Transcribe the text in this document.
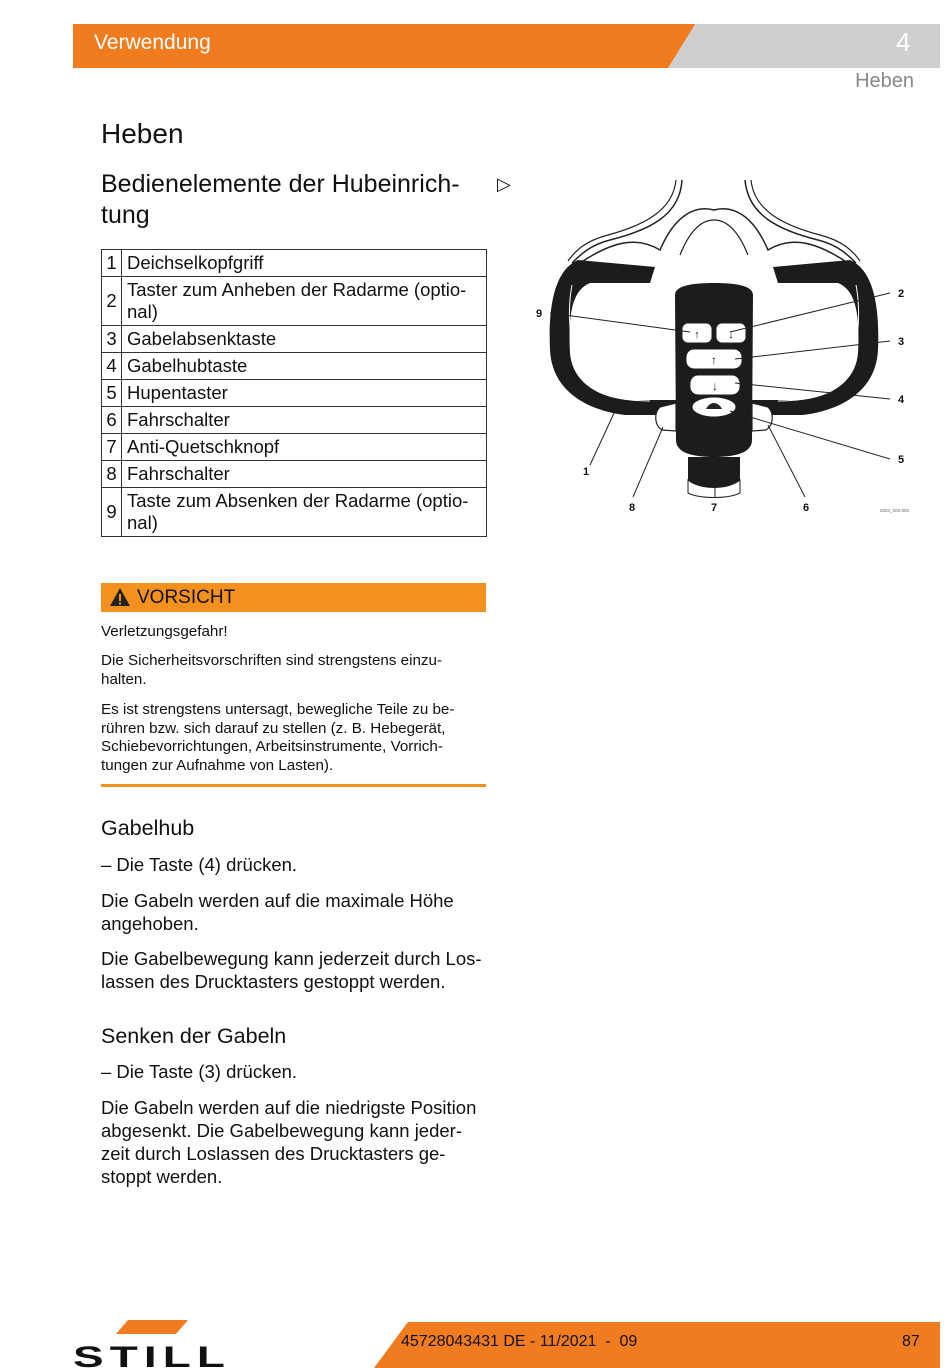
Verwendung	4
Heben
Heben
Bedienelemente der Hubeinrich-
tung
▷
1	Deichselkopfgriff
2	Taster zum Anheben der Radarme (optio-
nal)
3	Gabelabsenktaste
4	Gabelhubtaste
5	Hupentaster
6	Fahrschalter
7	Anti-Quetschknopf
8	Fahrschalter
9	Taste zum Absenken der Radarme (optio-
nal)
VORSICHT

Verletzungsgefahr!

Die Sicherheitsvorschriften sind strengstens einzu-
halten.

Es ist strengstens untersagt, bewegliche Teile zu be-
rühren bzw. sich darauf zu stellen (z. B. Hebegerät,
Schiebevorrichtungen, Arbeitsinstrumente, Vorrich-
tungen zur Aufnahme von Lasten).

Gabelhub

– Die Taste (4) drücken.

Die Gabeln werden auf die maximale Höhe
angehoben.

Die Gabelbewegung kann jederzeit durch Los-
lassen des Drucktasters gestoppt werden.

Senken der Gabeln

– Die Taste (3) drücken.

Die Gabeln werden auf die niedrigste Position
abgesenkt. Die Gabelbewegung kann jeder-
zeit durch Loslassen des Drucktasters ge-
stoppt werden.

↑	↓
↑
↓
9
2
3
4
5
1
6
7
8	0203_003-002
STILL	45728043431 DE - 11/2021  -  09	87
